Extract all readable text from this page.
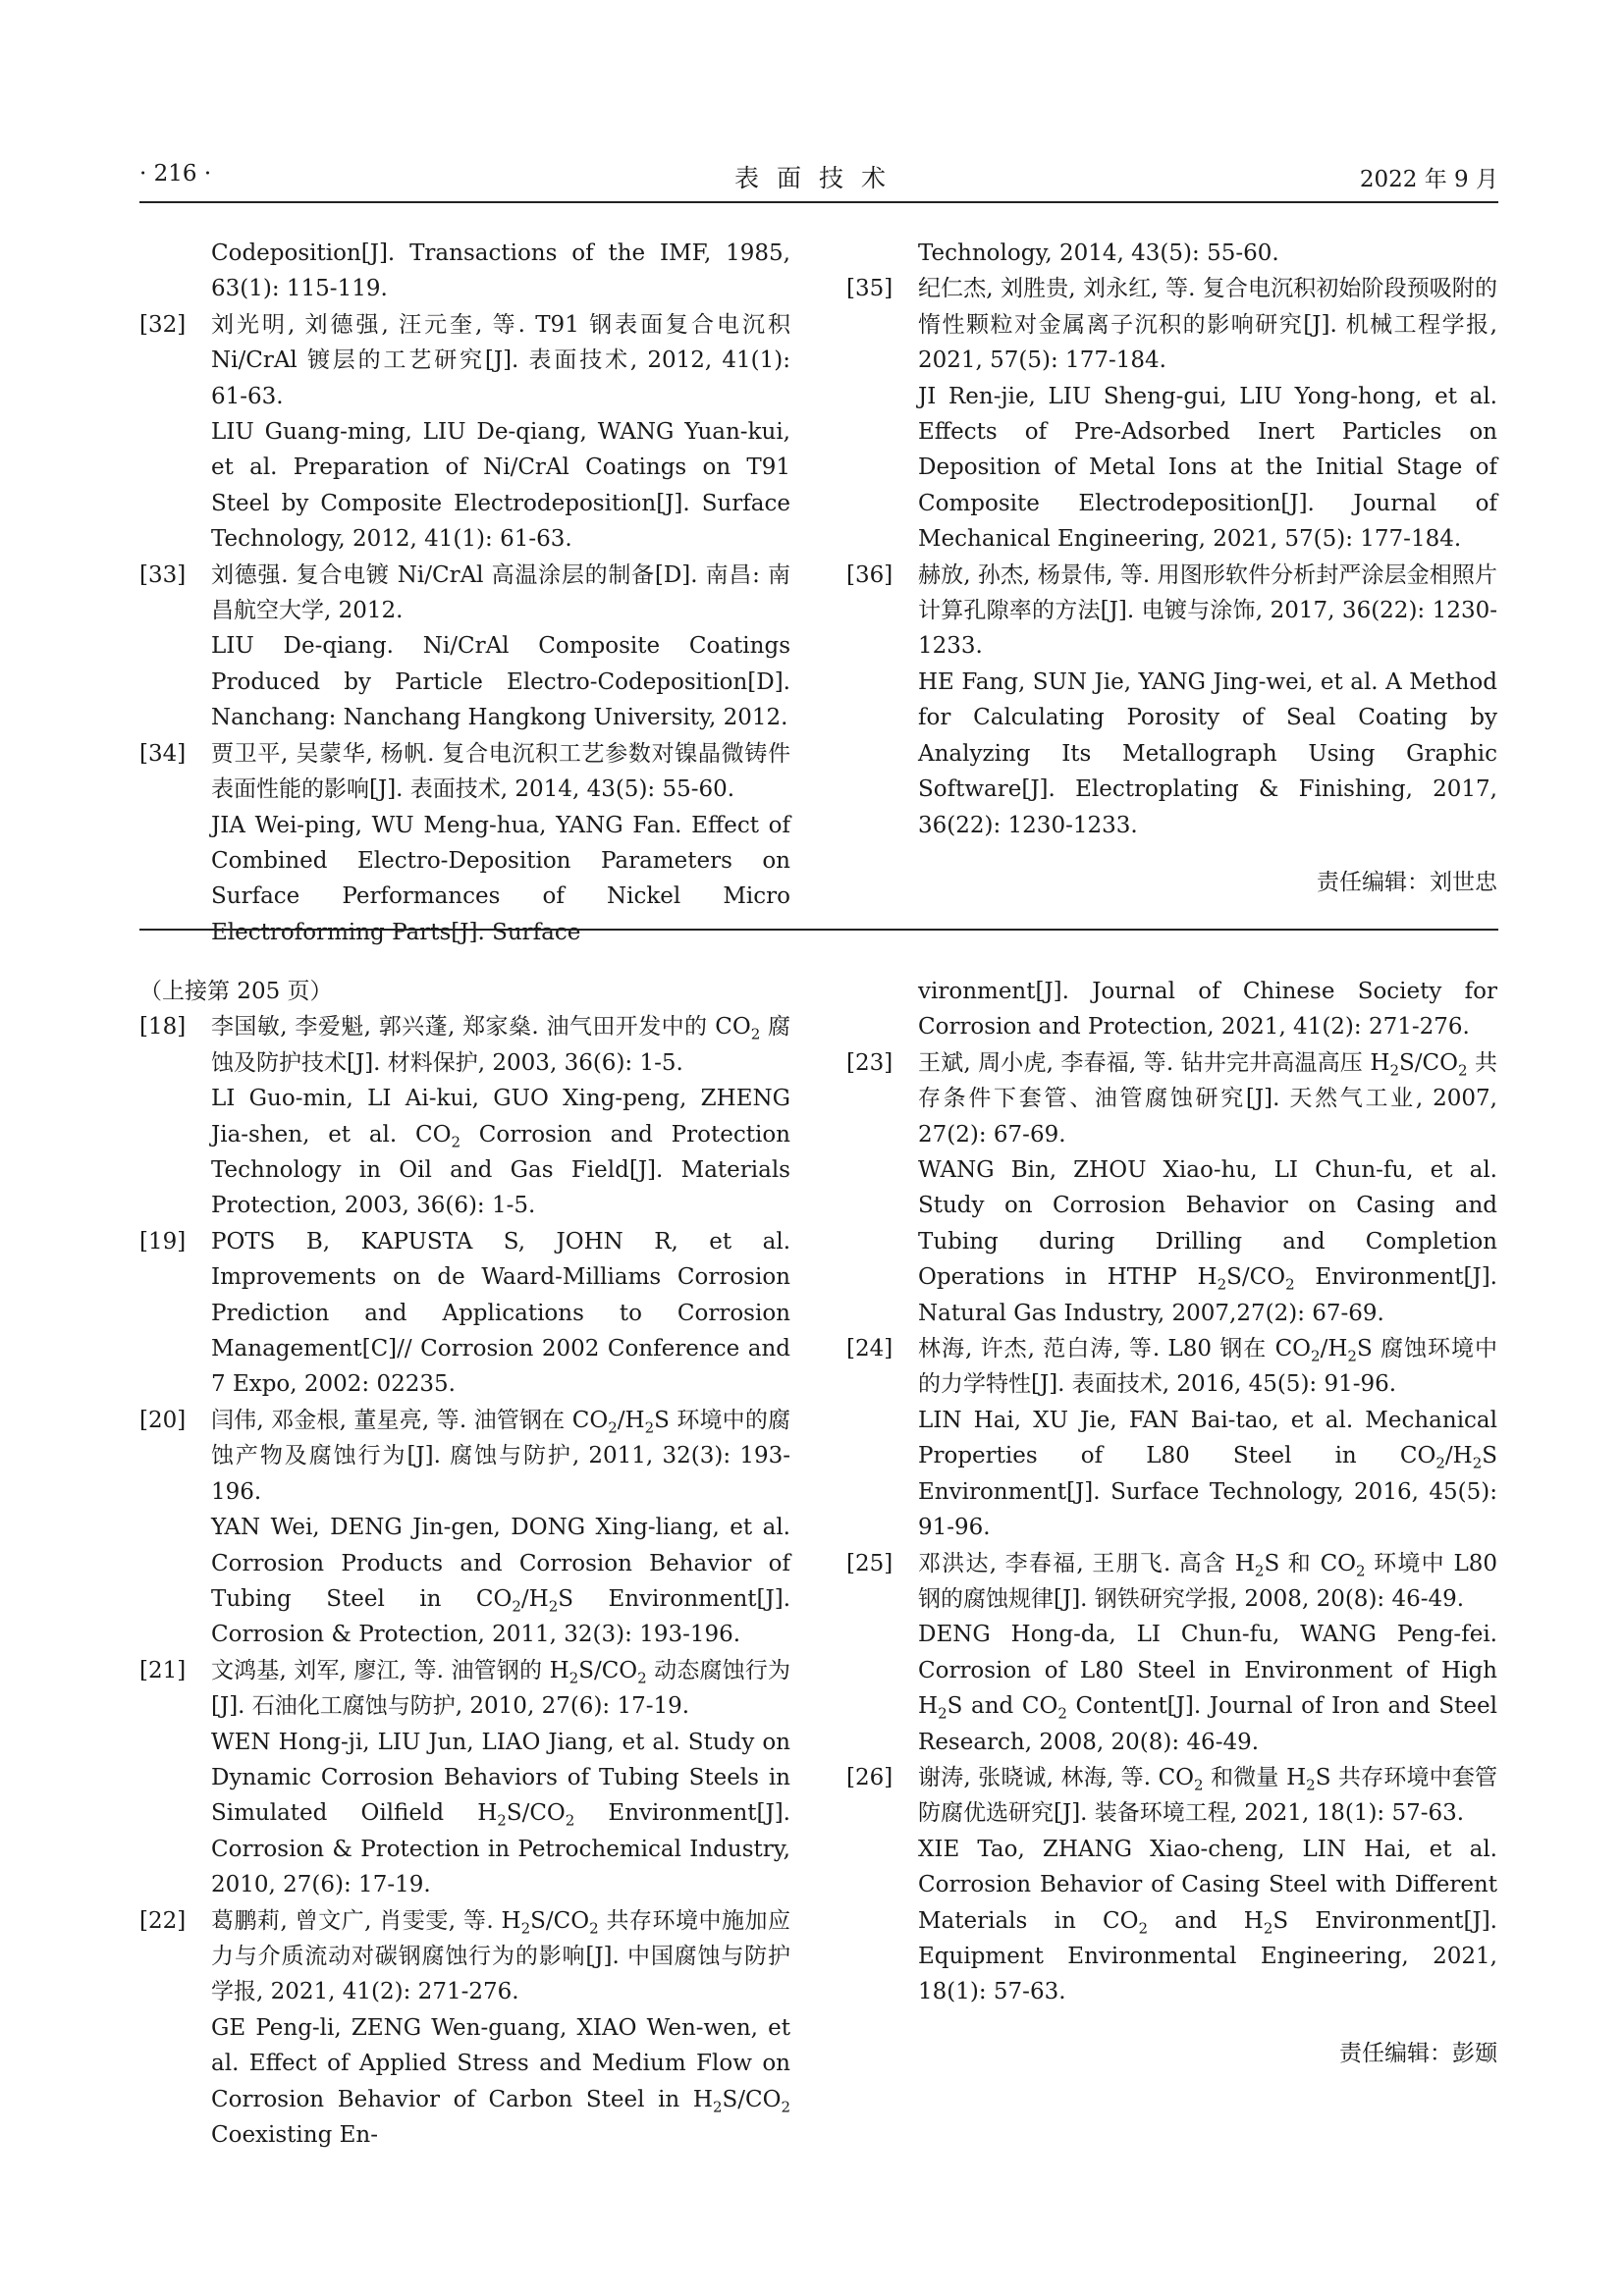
· 216 ·	表面技术	2022 年 9 月
Codeposition[J]. Transactions of the IMF, 1985, 63(1): 115-119.
[32] 刘光明, 刘德强, 汪元奎, 等. T91 钢表面复合电沉积 Ni/CrAl 镀层的工艺研究[J]. 表面技术, 2012, 41(1): 61-63.
LIU Guang-ming, LIU De-qiang, WANG Yuan-kui, et al. Preparation of Ni/CrAl Coatings on T91 Steel by Composite Electrodeposition[J]. Surface Technology, 2012, 41(1): 61-63.
[33] 刘德强. 复合电镀 Ni/CrAl 高温涂层的制备[D]. 南昌: 南昌航空大学, 2012.
LIU De-qiang. Ni/CrAl Composite Coatings Produced by Particle Electro-Codeposition[D]. Nanchang: Nanchang Hangkong University, 2012.
[34] 贾卫平, 吴蒙华, 杨帆. 复合电沉积工艺参数对镍晶微铸件表面性能的影响[J]. 表面技术, 2014, 43(5): 55-60.
JIA Wei-ping, WU Meng-hua, YANG Fan. Effect of Combined Electro-Deposition Parameters on Surface Performances of Nickel Micro Electroforming Parts[J]. Surface
Technology, 2014, 43(5): 55-60.
[35] 纪仁杰, 刘胜贵, 刘永红, 等. 复合电沉积初始阶段预吸附的惰性颗粒对金属离子沉积的影响研究[J]. 机械工程学报, 2021, 57(5): 177-184.
JI Ren-jie, LIU Sheng-gui, LIU Yong-hong, et al. Effects of Pre-Adsorbed Inert Particles on Deposition of Metal Ions at the Initial Stage of Composite Electrodeposition[J]. Journal of Mechanical Engineering, 2021, 57(5): 177-184.
[36] 赫放, 孙杰, 杨景伟, 等. 用图形软件分析封严涂层金相照片计算孔隙率的方法[J]. 电镀与涂饰, 2017, 36(22): 1230-1233.
HE Fang, SUN Jie, YANG Jing-wei, et al. A Method for Calculating Porosity of Seal Coating by Analyzing Its Metallograph Using Graphic Software[J]. Electroplating & Finishing, 2017, 36(22): 1230-1233.
责任编辑：刘世忠
（上接第 205 页）
[18] 李国敏, 李爱魁, 郭兴蓬, 郑家燊. 油气田开发中的 $CO_2$ 腐蚀及防护技术[J]. 材料保护, 2003, 36(6): 1-5.
LI Guo-min, LI Ai-kui, GUO Xing-peng, ZHENG Jia-shen, et al. $CO_2$ Corrosion and Protection Technology in Oil and Gas Field[J]. Materials Protection, 2003, 36(6): 1-5.
[19] POTS B, KAPUSTA S, JOHN R, et al. Improvements on de Waard-Milliams Corrosion Prediction and Applications to Corrosion Management[C]// Corrosion 2002 Conference and 7 Expo, 2002: 02235.
[20] 闫伟, 邓金根, 董星亮, 等. 油管钢在 $CO_2/H_2S$ 环境中的腐蚀产物及腐蚀行为[J]. 腐蚀与防护, 2011, 32(3): 193-196.
YAN Wei, DENG Jin-gen, DONG Xing-liang, et al. Corrosion Products and Corrosion Behavior of Tubing Steel in $CO_2/H_2S$ Environment[J]. Corrosion & Protection, 2011, 32(3): 193-196.
[21] 文鸿基, 刘军, 廖江, 等. 油管钢的 $H_2S/CO_2$ 动态腐蚀行为[J]. 石油化工腐蚀与防护, 2010, 27(6): 17-19.
WEN Hong-ji, LIU Jun, LIAO Jiang, et al. Study on Dynamic Corrosion Behaviors of Tubing Steels in Simulated Oilfield $H_2S/CO_2$ Environment[J]. Corrosion & Protection in Petrochemical Industry, 2010, 27(6): 17-19.
[22] 葛鹏莉, 曾文广, 肖雯雯, 等. $H_2S/CO_2$ 共存环境中施加应力与介质流动对碳钢腐蚀行为的影响[J]. 中国腐蚀与防护学报, 2021, 41(2): 271-276.
GE Peng-li, ZENG Wen-guang, XIAO Wen-wen, et al. Effect of Applied Stress and Medium Flow on Corrosion Behavior of Carbon Steel in $H_2S/CO_2$ Coexisting En-
vironment[J]. Journal of Chinese Society for Corrosion and Protection, 2021, 41(2): 271-276.
[23] 王斌, 周小虎, 李春福, 等. 钻井完井高温高压 $H_2S/CO_2$ 共存条件下套管、油管腐蚀研究[J]. 天然气工业, 2007, 27(2): 67-69.
WANG Bin, ZHOU Xiao-hu, LI Chun-fu, et al. Study on Corrosion Behavior on Casing and Tubing during Drilling and Completion Operations in HTHP $H_2S/CO_2$ Environment[J]. Natural Gas Industry, 2007,27(2): 67-69.
[24] 林海, 许杰, 范白涛, 等. L80 钢在 $CO_2/H_2S$ 腐蚀环境中的力学特性[J]. 表面技术, 2016, 45(5): 91-96.
LIN Hai, XU Jie, FAN Bai-tao, et al. Mechanical Properties of L80 Steel in $CO_2/H_2S$ Environment[J]. Surface Technology, 2016, 45(5): 91-96.
[25] 邓洪达, 李春福, 王朋飞. 高含 $H_2S$ 和 $CO_2$ 环境中 L80 钢的腐蚀规律[J]. 钢铁研究学报, 2008, 20(8): 46-49.
DENG Hong-da, LI Chun-fu, WANG Peng-fei. Corrosion of L80 Steel in Environment of High $H_2S$ and $CO_2$ Content[J]. Journal of Iron and Steel Research, 2008, 20(8): 46-49.
[26] 谢涛, 张晓诚, 林海, 等. $CO_2$ 和微量 $H_2S$ 共存环境中套管防腐优选研究[J]. 装备环境工程, 2021, 18(1): 57-63.
XIE Tao, ZHANG Xiao-cheng, LIN Hai, et al. Corrosion Behavior of Casing Steel with Different Materials in $CO_2$ and $H_2S$ Environment[J]. Equipment Environmental Engineering, 2021, 18(1): 57-63.
责任编辑：彭颋
